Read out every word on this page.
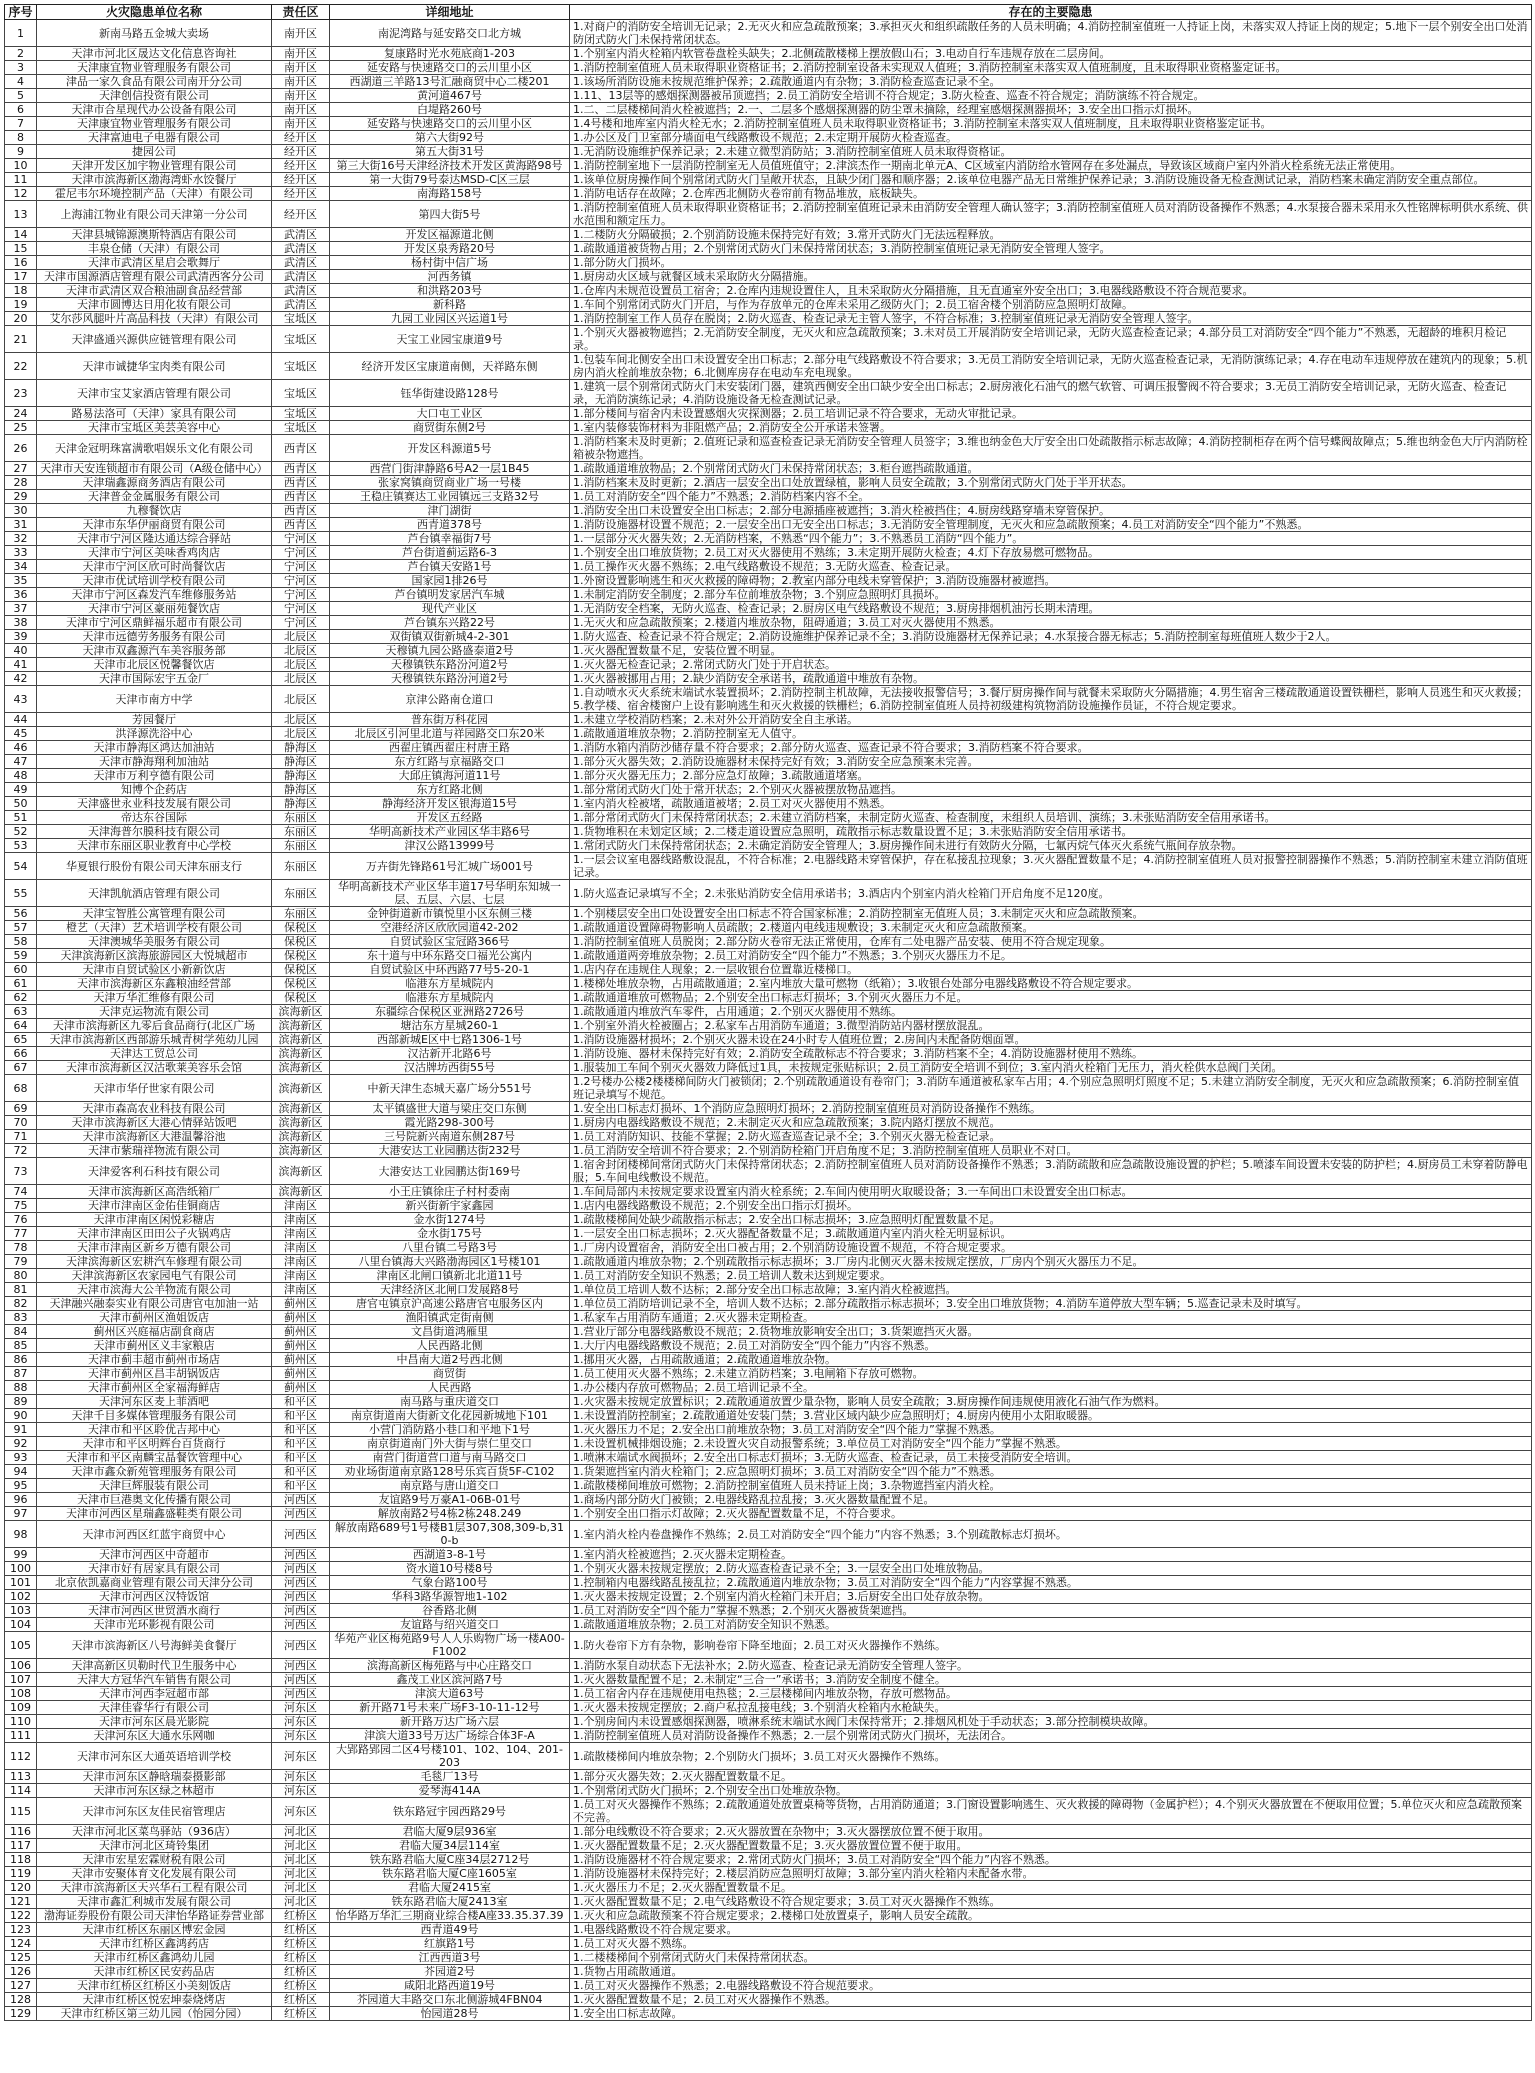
序号	火灾隐患单位名称	责任区	详细地址	存在的主要隐患
1	新南马路五金城大卖场	南开区	南泥湾路与延安路交口北方城	1.对商户的消防安全培训无记录；2.无灭火和应急疏散预案；3.承担灭火和组织疏散任务的人员未明确；4.消防控制室值班一人持证上岗，未落实双人持证上岗的规定；5.地下一层个别安全出口处消防闭式防火门未保持常闭状态。
2	天津市河北区晟达文化信息咨询社	南开区	复康路时光水苑底商1-203	1.个别室内消火栓箱内软管卷盘栓头缺失；2.北侧疏散楼梯上摆放假山石；3.电动自行车违规存放在二层房间。
3	天津康宜物业管理服务有限公司	南开区	延安路与快速路交口的云川里小区	1.消防控制室值班人员未取得职业资格证书；2.消防控制室设备未实现双人值班；3.消防控制室未落实双人值班制度，且未取得职业资格鉴定证书。
4	津品一家久食品有限公司南开分公司	南开区	西湖道三羊路13号汇融商贸中心二楼201	1.该场所消防设施未按规范维护保养；2.疏散通道内有杂物；3.消防检查巡查记录不全。
5	天津创信投资有限公司	南开区	黄河道467号	1.11、13层等的感烟探测器被吊顶遮挡；2.员工消防安全培训不符合规定；3.防火检查、巡查不符合规定；消防演练不符合规定。
6	天津市合星现代办公设备有限公司	南开区	白堤路260号	1.二、二层楼梯间消火栓被遮挡；2.一、二层多个感烟探测器的防尘罩未摘除，经理室感烟探测器损坏；3.安全出口指示灯损坏。
7	天津康宜物业管理服务有限公司	南开区	延安路与快速路交口的云川里小区	1.4号楼和地库室内消火栓无水；2.消防控制室值班人员未取得职业资格证书；3.消防控制室未落实双人值班制度，且未取得职业资格鉴定证书。
8	天津富迪电子电器有限公司	经开区	第六大街92号	1.办公区及门卫室部分墙面电气线路敷设不规范；2.未定期开展防火检查巡查。
9	捷园公司	经开区	第五大街31号	1.无消防设施维护保养记录；2.未建立微型消防站；3.消防控制室值班人员未取得资格证。
10	天津开发区加宇物业管理有限公司	经开区	第三大街16号天津经济技术开发区黄海路98号	1.消防控制室地下一层消防控制室无人员值班值守；2.津滨杰作一期南北单元A、C区域室内消防给水管网存在多处漏点，导致该区域商户室内外消火栓系统无法正常使用。
11	天津市滨海新区渤海湾虾水饺餐厅	经开区	第一大街79号泰达MSD-C区三层	1.该单位厨房操作间个别常闭式防火门呈敞开状态，且缺少闭门器和顺序器；2.该单位电器产品无日常维护保养记录；3.消防设施设备无检查测试记录，消防档案未确定消防安全重点部位。
12	霍尼韦尔环境控制产品（天津）有限公司	经开区	南海路158号	1.消防电话存在故障；2.仓库西北侧防火卷帘前有物品堆放，底板缺失。
13	上海浦江物业有限公司天津第一分公司	经开区	第四大街5号	1.消防控制室值班人员未取得职业资格证书；2.消防控制室值班记录未由消防安全管理人确认签字；3.消防控制室值班人员对消防设备操作不熟悉；4.水泵接合器未采用永久性铭牌标明供水系统、供水范围和额定压力。
14	天津县城锦源澳斯特酒店有限公司	武清区	开发区福源道北侧	1.二楼防火分隔破损；2.个别消防设施未保持完好有效；3.常开式防火门无法远程释放。
15	丰泉仓储（天津）有限公司	武清区	开发区泉秀路20号	1.疏散通道被货物占用；2.个别常闭式防火门未保持常闭状态；3.消防控制室值班记录无消防安全管理人签字。
16	天津市武清区星启会歌舞厅	武清区	杨村街中信广场	1.部分防火门损坏。
17	天津市国源酒店管理有限公司武清西客分公司	武清区	河西务镇	1.厨房动火区域与就餐区域未采取防火分隔措施。
18	天津市武清区双合粮油副食品经营部	武清区	和洪路203号	1.仓库内未规范设置员工宿舍；2.仓库内违规设置住人，且未采取防火分隔措施，且无直通室外安全出口；3.电器线路敷设不符合规范要求。
19	天津市圆博达日用化妆有限公司	武清区	新科路	1.车间个别常闭式防火门开启，与作为存放单元的仓库未采用乙级防火门；2.员工宿舍楼个别消防应急照明灯故障。
20	艾尔莎风腿叶片高品科技（天津）有限公司	宝坻区	九园工业园区兴运道1号	1.消防控制室工作人员存在脱岗；2.防火巡查、检查记录无主管人签字，不符合标准；3.控制室值班记录无消防安全管理人签字。
21	天津盛通兴源供应链管理有限公司	宝坻区	天宝工业园宝康道9号	1.个别灭火器被物遮挡；2.无消防安全制度，无灭火和应急疏散预案；3.未对员工开展消防安全培训记录，无防火巡查检查记录；4.部分员工对消防安全“四个能力”不熟悉，无超龄的堆积月检记录。
22	天津市诚捷华宝肉类有限公司	宝坻区	经济开发区宝康道南侧，天祥路东侧	1.包装车间北侧安全出口未设置安全出口标志；2.部分电气线路敷设不符合要求；3.无员工消防安全培训记录，无防火巡查检查记录，无消防演练记录；4.存在电动车违规停放在建筑内的现象；5.机房内消火栓前堆放杂物；6.北侧库房存在电动车充电现象。
23	天津市宝艾家酒店管理有限公司	宝坻区	钰华街建设路128号	1.建筑一层个别常闭式防火门未安装闭门器，建筑西侧安全出口缺少安全出口标志；2.厨房液化石油气的燃气软管、可调压报警阀不符合要求；3.无员工消防安全培训记录，无防火巡查、检查记录，无消防演练记录；4.消防设施设备无检查测试记录。
24	路易法洛可（天津）家具有限公司	宝坻区	大口屯工业区	1.部分楼间与宿舍内未设置感烟火灾探测器；2.员工培训记录不符合要求，无动火审批记录。
25	天津市宝坻区美芸美容中心	宝坻区	商贸街东侧2号	1.室内装修装饰材料为非阻燃产品；2.消防安全公开承诺未签署。
26	天津金冠明珠富满歌唱娱乐文化有限公司	西青区	开发区科源道5号	1.消防档案未及时更新；2.值班记录和巡查检查记录无消防安全管理人员签字；3.维也纳金色大厅安全出口处疏散指示标志故障；4.消防控制柜存在两个信号蝶阀故障点；5.维也纳金色大厅内消防栓箱被杂物遮挡。
27	天津市天安连锁超市有限公司（A级仓储中心）	西青区	西营门街津静路6号A2一层1B45	1.疏散通道堆放物品；2.个别常闭式防火门未保持常闭状态；3.柜台遮挡疏散通道。
28	天津瑞鑫源商务酒店有限公司	西青区	张家窝镇商贸商业广场一号楼	1.消防档案未及时更新；2.酒店一层安全出口处放置绿植，影响人员安全疏散；3.个别常闭式防火门处于半开状态。
29	天津普金金属服务有限公司	西青区	王稳庄镇赛达工业园镇远三支路32号	1.员工对消防安全“四个能力”不熟悉；2.消防档案内容不全。
30	九穆餐饮店	西青区	津门湖街	1.消防安全出口未设置安全出口标志；2.部分电源插座被遮挡；3.消火栓被挡住；4.厨房线路穿墙未穿管保护。
31	天津市东华伊丽商贸有限公司	西青区	西青道378号	1.消防设施器材设置不规范；2.一层安全出口无安全出口标志；3.无消防安全管理制度，无灭火和应急疏散预案；4.员工对消防安全“四个能力”不熟悉。
32	天津市宁河区隆达通达综合驿站	宁河区	芦台镇幸福街7号	1.一层部分灭火器失效；2.无消防档案，不熟悉“四个能力”；3.不熟悉员工消防“四个能力”。
33	天津市宁河区美味香鸡肉店	宁河区	芦台街道蓟运路6-3	1.个别安全出口堆放货物；2.员工对灭火器使用不熟练；3.未定期开展防火检查；4.灯下存放易燃可燃物品。
34	天津市宁河区欣可时尚餐饮店	宁河区	芦台镇天安路1号	1.员工操作灭火器不熟练；2.电气线路敷设不规范；3.无防火巡查、检查记录。
35	天津市优试培训学校有限公司	宁河区	国家园1排26号	1.外窗设置影响逃生和灭火救援的障碍物；2.教室内部分电线未穿管保护；3.消防设施器材被遮挡。
36	天津市宁河区森发汽车维修服务站	宁河区	芦台镇明发家居汽车城	1.未制定消防安全制度；2.部分车位前堆放杂物；3.个别应急照明灯具损坏。
37	天津市宁河区豪丽苑餐饮店	宁河区	现代产业区	1.无消防安全档案，无防火巡查、检查记录；2.厨房区电气线路敷设不规范；3.厨房排烟机油污长期未清理。
38	天津市宁河区鼎鲜福乐超市有限公司	宁河区	芦台镇东兴路22号	1.无灭火和应急疏散预案；2.楼道内堆放杂物，阻碍通道；3.员工对灭火器使用不熟悉。
39	天津市远德劳务服务有限公司	北辰区	双街镇双街新城4-2-301	1.防火巡查、检查记录不符合规定；2.消防设施维护保养记录不全；3.消防设施器材无保养记录；4.水泵接合器无标志；5.消防控制室每班值班人数少于2人。
40	天津市双鑫源汽车美容服务部	北辰区	天穆镇九园公路盛泰道2号	1.灭火器配置数量不足，安装位置不明显。
41	天津市北辰区悦馨餐饮店	北辰区	天穆镇铁东路汾河道2号	1.灭火器无检查记录；2.常闭式防火门处于开启状态。
42	天津市国际宏宇五金厂	北辰区	天穆镇铁东路汾河道2号	1.灭火器被挪用占用；2.缺少消防安全承诺书，疏散通道中堆放有杂物。
43	天津市南方中学	北辰区	京津公路南仓道口	1.自动喷水灭火系统末端试水装置损坏；2.消防控制主机故障，无法接收报警信号；3.餐厅厨房操作间与就餐未采取防火分隔措施；4.男生宿舍三楼疏散通道设置铁栅栏，影响人员逃生和灭火救援；5.教学楼、宿舍楼窗户上设有影响逃生和灭火救援的铁栅栏；6.消防控制室值班人员持初级建构筑物消防设施操作员证，不符合规定要求。
44	芳园餐厅	北辰区	普东街万科花园	1.未建立学校消防档案；2.未对外公开消防安全自主承诺。
45	洪泽源洗浴中心	北辰区	北辰区引河里北道与祥园路交口东20米	1.疏散通道堆放杂物；2.消防控制室无人值守。
46	天津市静海区鸿达加油站	静海区	西翟庄镇西翟庄村唐王路	1.消防水箱内消防沙储存量不符合要求；2.部分防火巡查、巡查记录不符合要求；3.消防档案不符合要求。
47	天津市静海翔利加油站	静海区	东方红路与京福路交口	1.部分灭火器失效；2.消防设施器材未保持完好有效；3.消防安全应急预案未完善。
48	天津市万利亨德有限公司	静海区	大邱庄镇海河道11号	1.部分灭火器无压力；2.部分应急灯故障；3.疏散通道堵塞。
49	知博个企药店	静海区	东方红路北侧	1.部分常闭式防火门处于常开状态；2.个别灭火器被摆放物品遮挡。
50	天津盛世永业科技发展有限公司	静海区	静海经济开发区银海道15号	1.室内消火栓被堵，疏散通道被堵；2.员工对灭火器使用不熟悉。
51	帝达东谷国际	东丽区	开发区五经路	1.部分常闭式防火门未保持常闭状态；2.未建立消防档案，未制定防火巡查、检查制度，未组织人员培训、演练；3.未张贴消防安全信用承诺书。
52	天津海普尔膜科技有限公司	东丽区	华明高新技术产业园区华丰路6号	1.货物堆积在未划定区域；2.二楼走道设置应急照明，疏散指示标志数量设置不足；3.未张贴消防安全信用承诺书。
53	天津市东丽区职业教育中心学校	东丽区	津汉公路13999号	1.常闭式防火门未保持常闭状态；2.未确定消防安全管理人；3.厨房操作间未进行有效防火分隔，七氟丙烷气体灭火系统气瓶间存放杂物。
54	华夏银行股份有限公司天津东丽支行	东丽区	万卉街先锋路61号汇城广场001号	1.一层会议室电器线路敷设混乱，不符合标准；2.电器线路未穿管保护，存在私接乱拉现象；3.灭火器配置数量不足；4.消防控制室值班人员对报警控制器操作不熟悉；5.消防控制室未建立消防值班记录。
55	天津凯航酒店管理有限公司	东丽区	华明高新技术产业区华丰道17号华明东知城一层、五层、六层、七层	1.防火巡查记录填写不全；2.未张贴消防安全信用承诺书；3.酒店内个别室内消火栓箱门开启角度不足120度。
56	天津宝智胜公寓管理有限公司	东丽区	金钟街道新市镇悦里小区东侧三楼	1.个别楼层安全出口处设置安全出口标志不符合国家标准；2.消防控制室无值班人员；3.未制定灭火和应急疏散预案。
57	橙艺（天津）艺术培训学校有限公司	保税区	空港经济区欣欣园道42-202	1.疏散通道设置障碍物影响人员疏散；2.楼道内电线违规敷设；3.未制定灭火和应急疏散预案。
58	天津澳城华美服务有限公司	保税区	自贸试验区宝冠路366号	1.消防控制室值班人员脱岗；2.部分防火卷帘无法正常使用，仓库有二处电器产品安装、使用不符合规定现象。
59	天津滨海新区滨海旅游园区大悦城超市	保税区	东十道与中环东路交口福光公寓内	1.疏散通道两旁堆放杂物；2.员工对消防安全“四个能力”不熟悉；3.个别灭火器压力不足。
60	天津市自贸试验区小新新饮店	保税区	自贸试验区中环西路77号5-20-1	1.店内存在违规住人现象；2.一层收银台位置靠近楼梯口。
61	天津市滨海新区东鑫粮油经营部	保税区	临港东方星城院内	1.楼梯处堆放杂物，占用疏散通道；2.室内堆放大量可燃物（纸箱）；3.收银台处部分电器线路敷设不符合规定要求。
62	天津万华汇维修有限公司	保税区	临港东方星城院内	1.疏散通道堆放可燃物品；2.个别安全出口标志灯损坏；3.个别灭火器压力不足。
63	天津克运物流有限公司	滨海新区	东疆综合保税区亚洲路2726号	1.疏散通道内堆放汽车零件，占用通道；2.个别灭火器使用不熟练。
64	天津市滨海新区九零后食品商行(北区广场	滨海新区	塘沽东方星城260-1	1.个别室外消火栓被圈占；2.私家车占用消防车通道；3.微型消防站内器材摆放混乱。
65	天津市滨海新区西部游乐城青树学苑幼儿园	滨海新区	西部新城E区中七路1306-1号	1.消防设施器材损坏；2.个别灭火器未设在24小时专人值班位置；2.房间内未配备防烟面罩。
66	天津达工贸总公司	滨海新区	汉沽新开北路6号	1.消防设施、器材未保持完好有效；2.消防安全疏散标志不符合要求；3.消防档案不全；4.消防设施器材使用不熟练。
67	天津市滨海新区汉沽歌莱美容乐会馆	滨海新区	汉沽牌坊西街55号	1.服装加工车间个别灭火器效力降低过1具，未按规定张贴标识；2.员工消防安全培训不到位；3.室内消火栓箱门无压力，消火栓供水总阀门关闭。
68	天津市华仔世家有限公司	滨海新区	中新天津生态城天嘉广场分551号	1.2号楼办公楼2楼楼梯间防火门被锁闭；2.个别疏散通道设有卷帘门；3.消防车通道被私家车占用；4.个别应急照明灯照度不足；5.未建立消防安全制度，无灭火和应急疏散预案；6.消防控制室值班记录填写不规范。
69	天津市森高农业科技有限公司	滨海新区	太平镇盛世大道与梁庄交口东侧	1.安全出口标志灯损坏、1个消防应急照明灯损坏；2.消防控制室值班员对消防设备操作不熟练。
70	天津市滨海新区大港心情驿站饭吧	滨海新区	霞光路298-300号	1.厨房内电器线路敷设不规范；2.未制定灭火和应急疏散预案；3.院内路灯摆放不规范。
71	天津市滨海新区大港温馨浴池	滨海新区	三号院新兴南道东侧287号	1.员工对消防知识、技能不掌握；2.防火巡查巡查记录不全；3.个别灭火器无检查记录。
72	天津市紫瑞祥物流有限公司	滨海新区	大港安达工业园鹏达街232号	1.员工消防安全培训不符合要求；2.个别消防栓箱门开启角度不足；3.消防控制室值班人员职业不对口。
73	天津爱客利石科技有限公司	滨海新区	大港安达工业园鹏达街169号	1.宿舍封闭楼梯间常闭式防火门未保持常闭状态；2.消防控制室值班人员对消防设备操作不熟悉；3.消防疏散和应急疏散设施设置的护栏；5.喷漆车间设置未安装的防护栏；4.厨房员工未穿着防静电服；5.车间电线敷设不规范。
74	天津市滨海新区高浩纸箱厂	滨海新区	小王庄镇徐庄子村村委南	1.车间局部内未按规定要求设置室内消火栓系统；2.车间内使用明火取暖设备；3.一车间出口未设置安全出口标志。
75	天津市津南区金佑佳铜商店	津南区	新兴街新宇家鑫园	1.店内电器线路敷设不规范；2.个别安全出口指示灯损坏。
76	天津市津南区闲悦彩糖店	津南区	金水街1274号	1.疏散楼梯间处缺少疏散指示标志；2.安全出口标志损坏；3.应急照明灯配置数量不足。
77	天津市津南区田田公子火锅鸡店	津南区	金水街175号	1.一层安全出口标志损坏；2.灭火器配备数量不足；3.疏散通道内室内消火栓无明显标识。
78	天津市津南区新乡万德有限公司	津南区	八里台镇二号路3号	1.厂房内设置宿舍，消防安全出口被占用；2.个别消防设施设置不规范，不符合规定要求。
79	天津滨海新区宏耕汽车修理有限公司	津南区	八里台镇海大兴路渤海园区1号楼101	1.疏散通道内堆放杂物；2.个别疏散指示标志损坏；3.厂房内北侧灭火器未按规定摆放，厂房内个别灭火器压力不足。
80	天津滨海新区农家园电气有限公司	津南区	津南区北闸口镇新北北道11号	1.员工对消防安全知识不熟悉；2.员工培训人数未达到规定要求。
81	天津市滨海大公羊物流有限公司	津南区	天津经济区北闸口发展路8号	1.单位员工培训人数不达标；2.部分安全出口标志故障；3.室内消火栓被遮挡。
82	天津融兴融泰实业有限公司唐官屯加油一站	蓟州区	唐官屯镇京沪高速公路唐官屯服务区内	1.单位员工消防培训记录不全，培训人数不达标；2.部分疏散指示标志损坏；3.安全出口堆放货物；4.消防车道停放大型车辆；5.巡查记录未及时填写。
83	天津市蓟州区渔姐饭店	蓟州区	渔阳镇武定街南侧	1.私家车占用消防车通道；2.灭火器未定期检查。
84	蓟州区兴庭福店副食商店	蓟州区	文昌街道鸿雁里	1.营业厅部分电器线路敷设不规范；2.货物堆放影响安全出口；3.货架遮挡灭火器。
85	天津市蓟州区义丰家粮店	蓟州区	人民西路北侧	1.大厅内电器线路敷设不规范；2.员工对消防安全“四个能力”内容不熟悉。
86	天津市蓟丰超市蓟州市场店	蓟州区	中昌南大道2号西北侧	1.挪用灭火器，占用疏散通道；2.疏散通道堆放杂物。
87	天津市蓟州区昌丰胡锅饭店	蓟州区	商贸街	1.员工使用灭火器不熟练；2.未建立消防档案；3.电闸箱下存放可燃物。
88	天津市蓟州区全家福海鲜店	蓟州区	人民西路	1.办公楼内存放可燃物品；2.员工培训记录不全。
89	天津河东区麦上菲酒吧	和平区	南马路与重庆道交口	1.火灾器未按规定放置标识；2.疏散通道放置少量杂物，影响人员安全疏散；3.厨房操作间违规使用液化石油气作为燃料。
90	天津千目多媒体管理服务有限公司	和平区	南京街道南大街新文化花园新城地下101	1.未设置消防控制室；2.疏散通道处安装门禁；3.营业区域内缺少应急照明灯；4.厨房内使用小太阳取暖器。
91	天津市和平区聆优吉邦中心	和平区	小营门消防路小巷口和平地下1号	1.灭火器压力不足；2.安全出口前堆放杂物；3.员工对消防安全“四个能力”掌握不熟悉。
92	天津市和平区明辉台百货商行	和平区	南京街道南门外大街与崇仁里交口	1.未设置机械排烟设施；2.未设置火灾自动报警系统；3.单位员工对消防安全“四个能力”掌握不熟悉。
93	天津市和平区南麟宝晶餐饮管理中心	和平区	南营门街道营口道与南马路交口	1.喷淋末端试水阀损坏；2.安全出口标志灯损坏；3.无防火巡查、检查记录，员工未接受消防安全培训。
94	天津市鑫众新苑管理服务有限公司	和平区	劝业场街道南京路128号乐宾百货5F-C102	1.货架遮挡室内消火栓箱门；2.应急照明灯损坏；3.员工对消防安全“四个能力”不熟悉。
95	天津巨辉服装有限公司	和平区	南京路与唐山道交口	1.疏散楼梯间堆放可燃物；2.消防控制室值班人员未持证上岗；3.杂物遮挡室内消火栓。
96	天津市巨港奥文化传播有限公司	河西区	友谊路9号万豪A1-06B-01号	1.商场内部分防火门被锁；2.电器线路乱拉乱接；3.灭火器数量配置不足。
97	天津市河西区星瑞鑫盛鞋类有限公司	河西区	解放南路2号4栋2栋248.249	1.个别安全出口指示灯故障；2.灭火器配置数量不足，不符合要求。
98	天津市河西区红蓝宇商贸中心	河西区	解放南路689号1号楼B1层307,308,309-b,310-b	1.室内消火栓内卷盘操作不熟练；2.员工对消防安全“四个能力”内容不熟悉；3.个别疏散标志灯损坏。
99	天津市河西区中奇超市	河西区	西湖道3-8-1号	1.室内消火栓被遮挡；2.灭火器未定期检查。
100	天津市好有居家具有限公司	河西区	资水道10号楼8号	1.个别灭火器未按规定摆放；2.防火巡查检查记录不全；3.一层安全出口处堆放物品。
101	北京依凯嘉商业管理有限公司天津分公司	河西区	气象台路100号	1.控制箱内电器线路乱接乱拉；2.疏散通道内堆放杂物；3.员工对消防安全“四个能力”内容掌握不熟悉。
102	天津市河西区汉特饭馆	河西区	华科3路华源智地1-102	1.灭火器未按规定设置；2.个别室内消火栓箱门未开启；3.后厨安全出口处存放杂物。
103	天津市河西区世贸酒水商行	河西区	谷香路北侧	1.员工对消防安全“四个能力”掌握不熟悉；2.个别灭火器被货架遮挡。
104	天津市光环影视有限公司	河西区	友谊路与绍兴道交口	1.疏散通道堆放杂物；2.员工对消防安全知识不熟悉。
105	天津市滨海新区八号海鲜美食餐厅	河西区	华苑产业区梅苑路9号人人乐购物广场一楼A00-F1002	1.防火卷帘下方有杂物，影响卷帘下降至地面；2.员工对灭火器操作不熟练。
106	天津高新区贝勒时代卫生服务中心	河西区	滨海高新区梅苑路与中心庄路交口	1.消防水泵自动状态下无法补水；2.防火巡查、检查记录无消防安全管理人签字。
107	天津大方冠华汽车销售有限公司	河西区	鑫茂工业区滨河路7号	1.灭火器数量配置不足；2.未制定“三合一”承诺书；3.消防安全制度不健全。
108	天津市河西李冠超市部	河西区	津滨大道63号	1.员工宿舍内存在违规使用电热毯；2.三层楼梯间内堆放杂物，存放可燃物品。
109	天津佳睿华行有限公司	河东区	新开路71号未来广场F3-10-11-12号	1.灭火器未按规定摆放；2.商户私拉乱接电线；3.个别消火栓箱内水枪缺失。
110	天津市河东区晨光影院	河东区	新开路万达广场六层	1.个别房间内未设置感烟探测器，喷淋系统末端试水阀门未保持常开；2.排烟风机处于手动状态；3.部分控制模块故障。
111	天津河东区大通水乐网咖	河东区	津滨大道33号万达广场综合体3F-A	1.消防控制室值班人员对消防设备操作不熟悉；2.一层个别常闭式防火门损坏，无法闭合。
112	天津市河东区大通英语培训学校	河东区	大郢路郢园二区4号楼101、102、104、201-203	1.疏散楼梯间内堆放杂物；2.个别防火门损坏；3.员工对灭火器操作不熟练。
113	天津市河东区静晗瑞泰摄影部	河东区	毛毯厂13号	1.部分灭火器失效；2.灭火器配置数量不足。
114	天津市河东区绿之林超市	河东区	爱琴海414A	1.个别常闭式防火门损坏；2.个别安全出口处堆放杂物。
115	天津市河东区友佳民宿管理店	河东区	铁东路冠宇园西路29号	1.员工对灭火器操作不熟练；2.疏散通道处放置桌椅等货物，占用消防通道；3.门窗设置影响逃生、灭火救援的障碍物（金属护栏）；4.个别灭火器放置在不便取用位置；5.单位灭火和应急疏散预案不完善。
116	天津市河北区菜鸟驿站（936店）	河北区	君临大厦9层936室	1.部分电线敷设不符合要求；2.灭火器放置在杂物中；3.灭火器摆放位置不便于取用。
117	天津市河北区琦铃集团	河北区	君临大厦34层114室	1.灭火器配置数量不足；2.灭火器配置数量不足；3.灭火器放置位置不便于取用。
118	天津市宏星宏霖财税有限公司	河北区	铁东路君临大厦C座34层2712号	1.消防设施器材不符合规定要求；2.常闭式防火门损坏；3.员工对消防安全“四个能力”内容不熟悉。
119	天津市安聚体育文化发展有限公司	河北区	铁东路君临大厦C座1605室	1.消防设施器材未保持完好；2.楼层消防应急照明灯故障；3.部分室内消火栓箱内未配备水带。
120	天津市滨海新区天兴华石工程有限公司	河北区	君临大厦2415室	1.灭火器压力不足；2.灭火器配置数量不足。
121	天津市鑫汇利城市发展有限公司	河北区	铁东路君临大厦2413室	1.灭火器配置数量不足；2.电气线路敷设不符合规定要求；3.员工对灭火器操作不熟练。
122	渤海证券股份有限公司天津怡华路证券营业部	红桥区	怡华路万华汇三期商业综合楼A座33.35.37.39	1.灭火和应急疏散预案不符合规定要求；2.楼梯口处放置桌子，影响人员安全疏散。
123	天津市红桥区东丽区博宏金园	红桥区	西青道49号	1.电器线路敷设不符合规定要求。
124	天津市红桥区鑫鸿药店	红桥区	红旗路1号	1.员工对灭火器不熟练。
125	天津市红桥区鑫鸿幼儿园	红桥区	江西西道3号	1.二楼楼梯间个别常闭式防火门未保持常闭状态。
126	天津市红桥区民安药品店	红桥区	芥园道2号	1.货物占用疏散通道。
127	天津市红桥区红桥区小美刻饭店	红桥区	咸阳北路西道19号	1.员工对灭火器操作不熟悉；2.电器线路敷设不符合规范要求。
128	天津市红桥区悦宏坤泰烧烤店	红桥区	芥园道大丰路交口东北侧游城4FBN04	1.灭火器配置数量不足；2.员工对灭火器操作不熟悉。
129	天津市红桥区第三幼儿园（怡园分园）	红桥区	怡园道28号	1.安全出口标志故障。
